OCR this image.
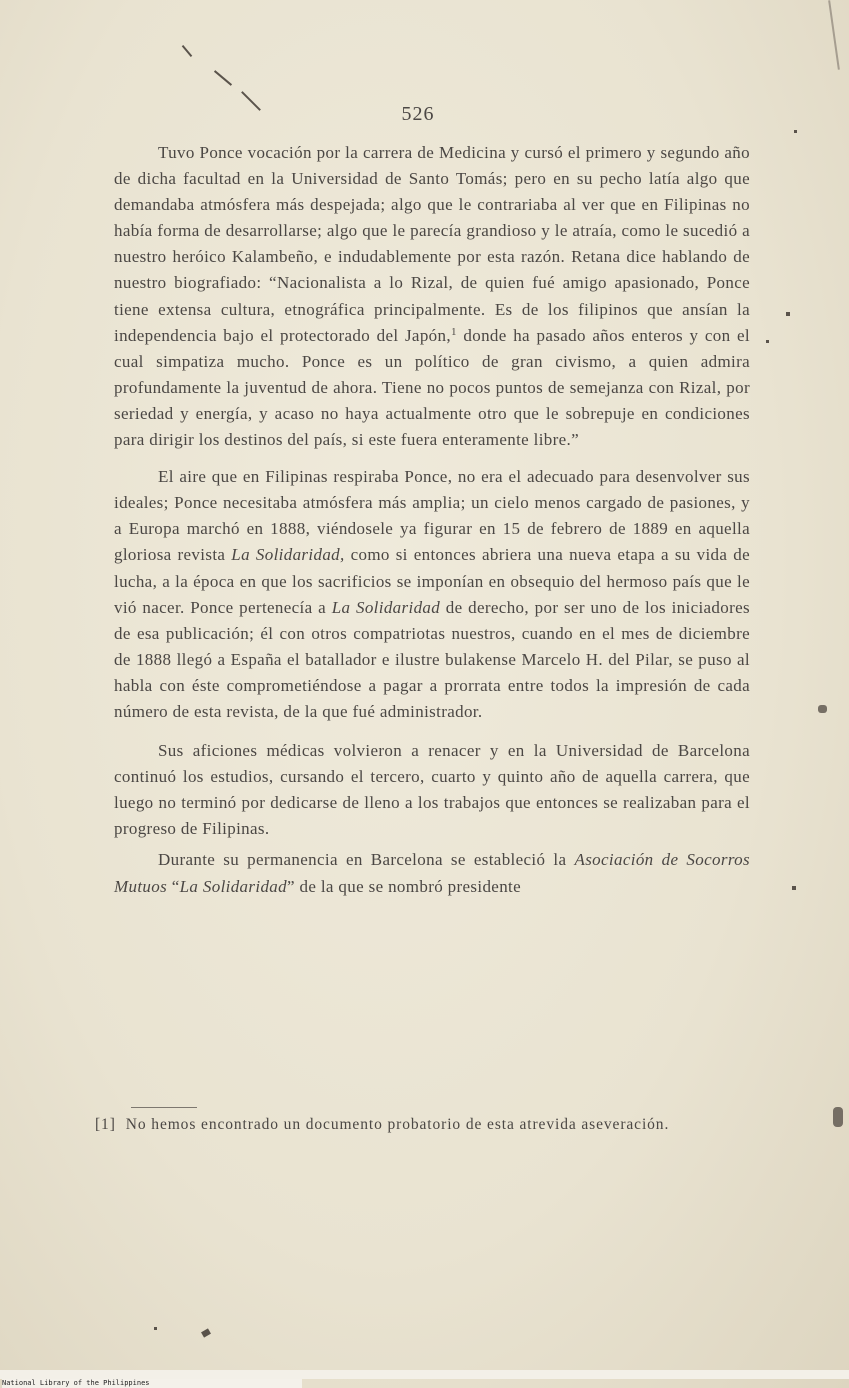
526

Tuvo Ponce vocación por la carrera de Medicina y cursó el primero y segundo año de dicha facultad en la Universidad de Santo Tomás; pero en su pecho latía algo que demandaba atmósfera más despejada; algo que le contrariaba al ver que en Filipinas no había forma de desarrollarse; algo que le parecía grandioso y le atraía, como le sucedió a nuestro heróico Kalambeño, e indudablemente por esta razón. Retana dice hablando de nuestro biografiado: “Nacionalista a lo Rizal, de quien fué amigo apasionado, Ponce tiene extensa cultura, etnográfica principalmente. Es de los filipinos que ansían la independencia bajo el protectorado del Japón,$^1$ donde ha pasado años enteros y con el cual simpatiza mucho. Ponce es un político de gran civismo, a quien admira profundamente la juventud de ahora. Tiene no pocos puntos de semejanza con Rizal, por seriedad y energía, y acaso no haya actualmente otro que le sobrepuje en condiciones para dirigir los destinos del país, si este fuera enteramente libre.”

El aire que en Filipinas respiraba Ponce, no era el adecuado para desenvolver sus ideales; Ponce necesitaba atmósfera más amplia; un cielo menos cargado de pasiones, y a Europa marchó en 1888, viéndosele ya figurar en 15 de febrero de 1889 en aquella gloriosa revista La Solidaridad, como si entonces abriera una nueva etapa a su vida de lucha, a la época en que los sacrificios se imponían en obsequio del hermoso país que le vió nacer. Ponce pertenecía a La Solidaridad de derecho, por ser uno de los iniciadores de esa publicación; él con otros compatriotas nuestros, cuando en el mes de diciembre de 1888 llegó a España el batallador e ilustre bulakense Marcelo H. del Pilar, se puso al habla con éste comprometiéndose a pagar a prorrata entre todos la impresión de cada número de esta revista, de la que fué administrador.

Sus aficiones médicas volvieron a renacer y en la Universidad de Barcelona continuó los estudios, cursando el tercero, cuarto y quinto año de aquella carrera, que luego no terminó por dedicarse de lleno a los trabajos que entonces se realizaban para el progreso de Filipinas.

Durante su permanencia en Barcelona se estableció la Asociación de Socorros Mutuos “La Solidaridad” de la que se nombró presidente

[1] No hemos encontrado un documento probatorio de esta atrevida aseveración.
National Library of the Philippines
